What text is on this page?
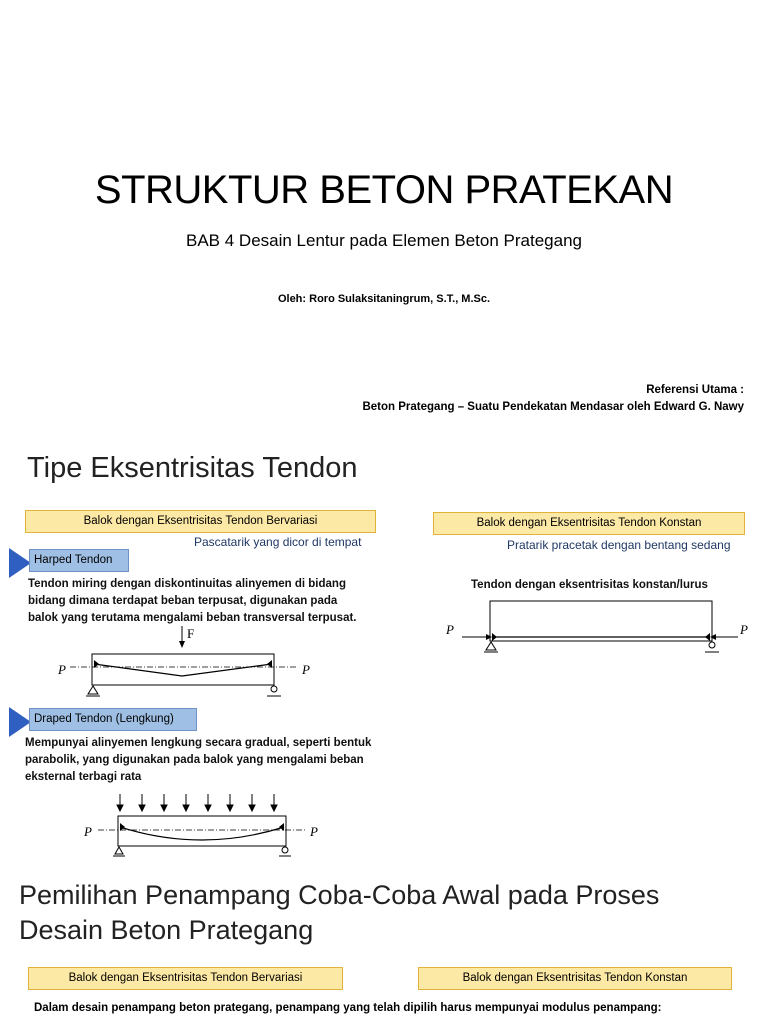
STRUKTUR BETON PRATEKAN
BAB 4 Desain Lentur pada Elemen Beton Prategang
Oleh: Roro Sulaksitaningrum, S.T., M.Sc.
Referensi Utama :
Beton Prategang – Suatu Pendekatan Mendasar oleh Edward G. Nawy
Tipe Eksentrisitas Tendon
Balok dengan Eksentrisitas Tendon Bervariasi
Pascatarik yang dicor di tempat
Harped Tendon
Tendon miring dengan diskontinuitas alinyemen di bidang
bidang dimana terdapat beban terpusat, digunakan pada
balok yang terutama mengalami beban transversal terpusat.
F
P	P
Draped Tendon (Lengkung)
Mempunyai alinyemen lengkung secara gradual, seperti bentuk
parabolik, yang digunakan pada balok yang mengalami beban
eksternal terbagi rata
P	P
Balok dengan Eksentrisitas Tendon Konstan
Pratarik pracetak dengan bentang sedang
Tendon dengan eksentrisitas konstan/lurus
P	P
Pemilihan Penampang Coba-Coba Awal pada Proses
Desain Beton Prategang
Balok dengan Eksentrisitas Tendon Bervariasi	Balok dengan Eksentrisitas Tendon Konstan
Dalam desain penampang beton prategang, penampang yang telah dipilih harus mempunyai modulus penampang:
